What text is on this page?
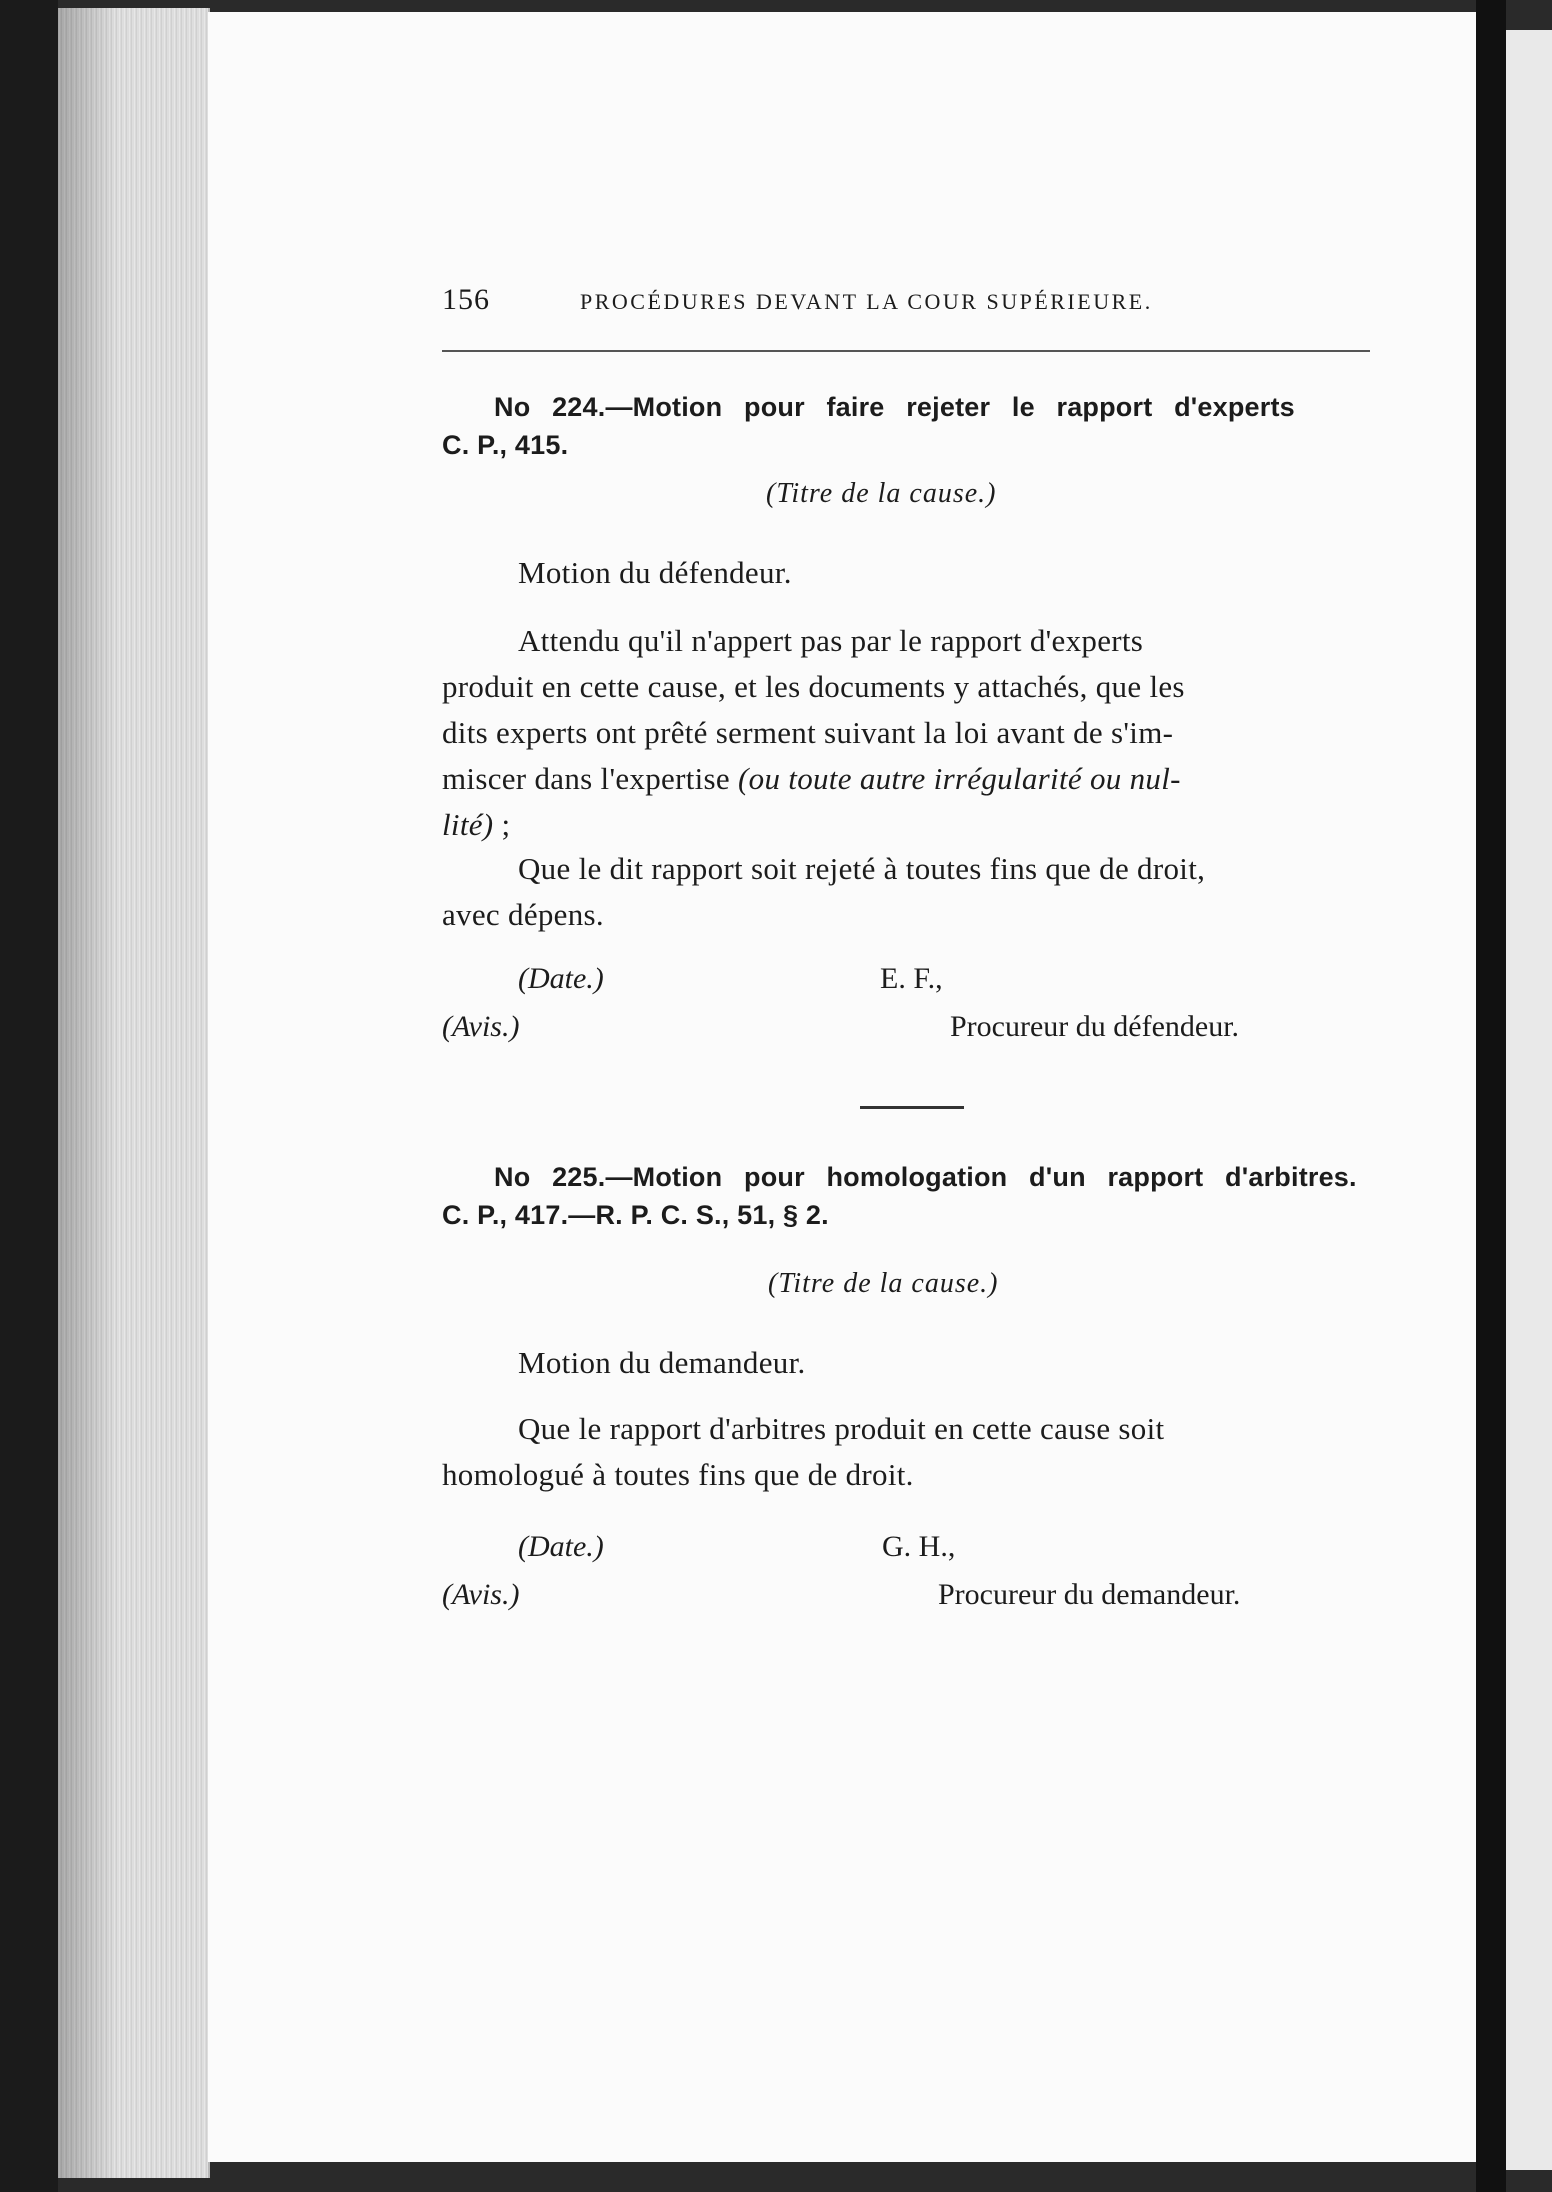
156	PROCÉDURES DEVANT LA COUR SUPÉRIEURE.
No 224.—Motion pour faire rejeter le rapport d'experts
C. P., 415.
(Titre de la cause.)
Motion du défendeur.
Attendu qu'il n'appert pas par le rapport d'experts
produit en cette cause, et les documents y attachés, que les
dits experts ont prêté serment suivant la loi avant de s'im-
miscer dans l'expertise (ou toute autre irrégularité ou nul-
lité) ;
Que le dit rapport soit rejeté à toutes fins que de droit,
avec dépens.
(Date.)	E. F.,
(Avis.)	Procureur du défendeur.
No 225.—Motion pour homologation d'un rapport d'arbitres.
C. P., 417.—R. P. C. S., 51, § 2.
(Titre de la cause.)
Motion du demandeur.
Que le rapport d'arbitres produit en cette cause soit
homologué à toutes fins que de droit.
(Date.)	G. H.,
(Avis.)	Procureur du demandeur.
